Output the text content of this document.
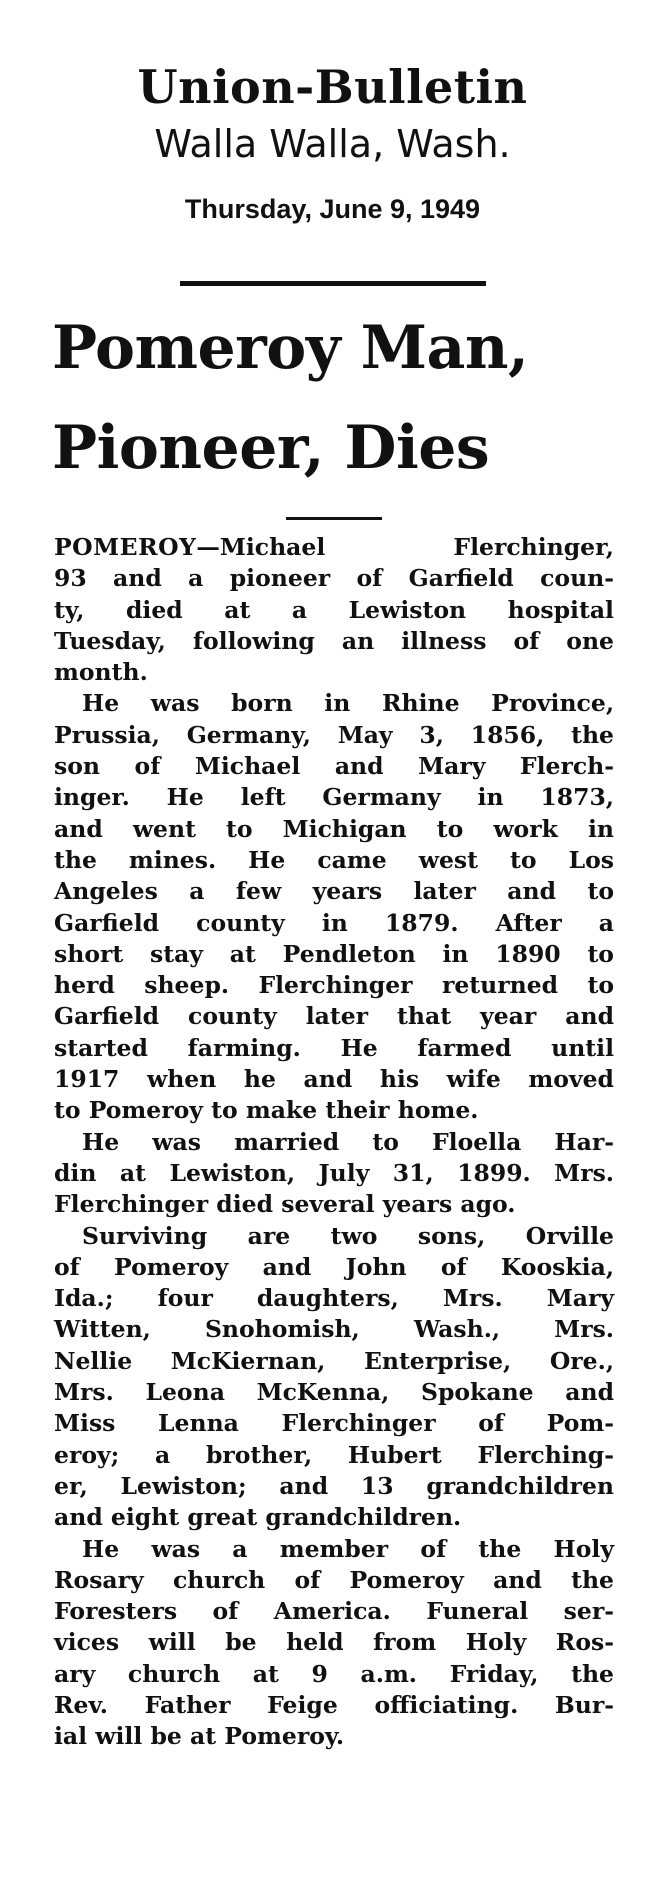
Union-Bulletin
Walla Walla, Wash.
Thursday, June 9, 1949
Pomeroy Man,
Pioneer, Dies
POMEROY—Michael Flerchinger,
93 and a pioneer of Garfield coun-
ty, died at a Lewiston hospital
Tuesday, following an illness of one
month.
He was born in Rhine Province,
Prussia, Germany, May 3, 1856, the
son of Michael and Mary Flerch-
inger. He left Germany in 1873,
and went to Michigan to work in
the mines. He came west to Los
Angeles a few years later and to
Garfield county in 1879. After a
short stay at Pendleton in 1890 to
herd sheep. Flerchinger returned to
Garfield county later that year and
started farming. He farmed until
1917 when he and his wife moved
to Pomeroy to make their home.
He was married to Floella Har-
din at Lewiston, July 31, 1899. Mrs.
Flerchinger died several years ago.
Surviving are two sons, Orville
of Pomeroy and John of Kooskia,
Ida.; four daughters, Mrs. Mary
Witten, Snohomish, Wash., Mrs.
Nellie McKiernan, Enterprise, Ore.,
Mrs. Leona McKenna, Spokane and
Miss Lenna Flerchinger of Pom-
eroy; a brother, Hubert Flerching-
er, Lewiston; and 13 grandchildren
and eight great grandchildren.
He was a member of the Holy
Rosary church of Pomeroy and the
Foresters of America. Funeral ser-
vices will be held from Holy Ros-
ary church at 9 a.m. Friday, the
Rev. Father Feige officiating. Bur-
ial will be at Pomeroy.
